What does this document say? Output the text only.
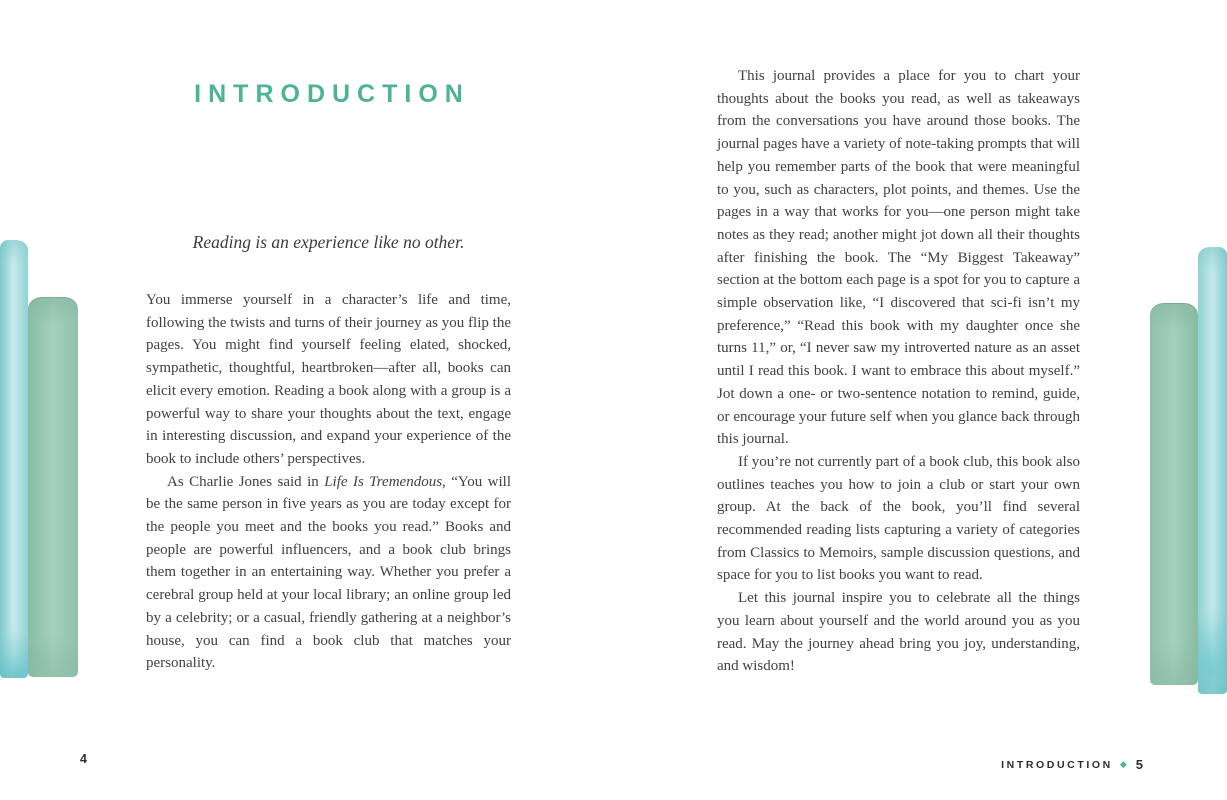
INTRODUCTION

Reading is an experience like no other.

You immerse yourself in a character’s life and time, following the twists and turns of their journey as you flip the pages. You might find yourself feeling elated, shocked, sympathetic, thoughtful, heartbroken—after all, books can elicit every emotion. Reading a book along with a group is a powerful way to share your thoughts about the text, engage in interesting discussion, and expand your experience of the book to include others’ perspectives.

As Charlie Jones said in Life Is Tremendous, “You will be the same person in five years as you are today except for the people you meet and the books you read.” Books and people are powerful influencers, and a book club brings them together in an entertaining way. Whether you prefer a cerebral group held at your local library; an online group led by a celebrity; or a casual, friendly gathering at a neighbor’s house, you can find a book club that matches your personality.

4

This journal provides a place for you to chart your thoughts about the books you read, as well as takeaways from the conversations you have around those books. The journal pages have a variety of note-taking prompts that will help you remember parts of the book that were meaningful to you, such as characters, plot points, and themes. Use the pages in a way that works for you—one person might take notes as they read; another might jot down all their thoughts after finishing the book. The “My Biggest Takeaway” section at the bottom each page is a spot for you to capture a simple observation like, “I discovered that sci-fi isn’t my preference,” “Read this book with my daughter once she turns 11,” or, “I never saw my introverted nature as an asset until I read this book. I want to embrace this about myself.” Jot down a one- or two-sentence notation to remind, guide, or encourage your future self when you glance back through this journal.

If you’re not currently part of a book club, this book also outlines teaches you how to join a club or start your own group. At the back of the book, you’ll find several recommended reading lists capturing a variety of categories from Classics to Memoirs, sample discussion questions, and space for you to list books you want to read.

Let this journal inspire you to celebrate all the things you learn about yourself and the world around you as you read. May the journey ahead bring you joy, understanding, and wisdom!

INTRODUCTION ◆ 5
